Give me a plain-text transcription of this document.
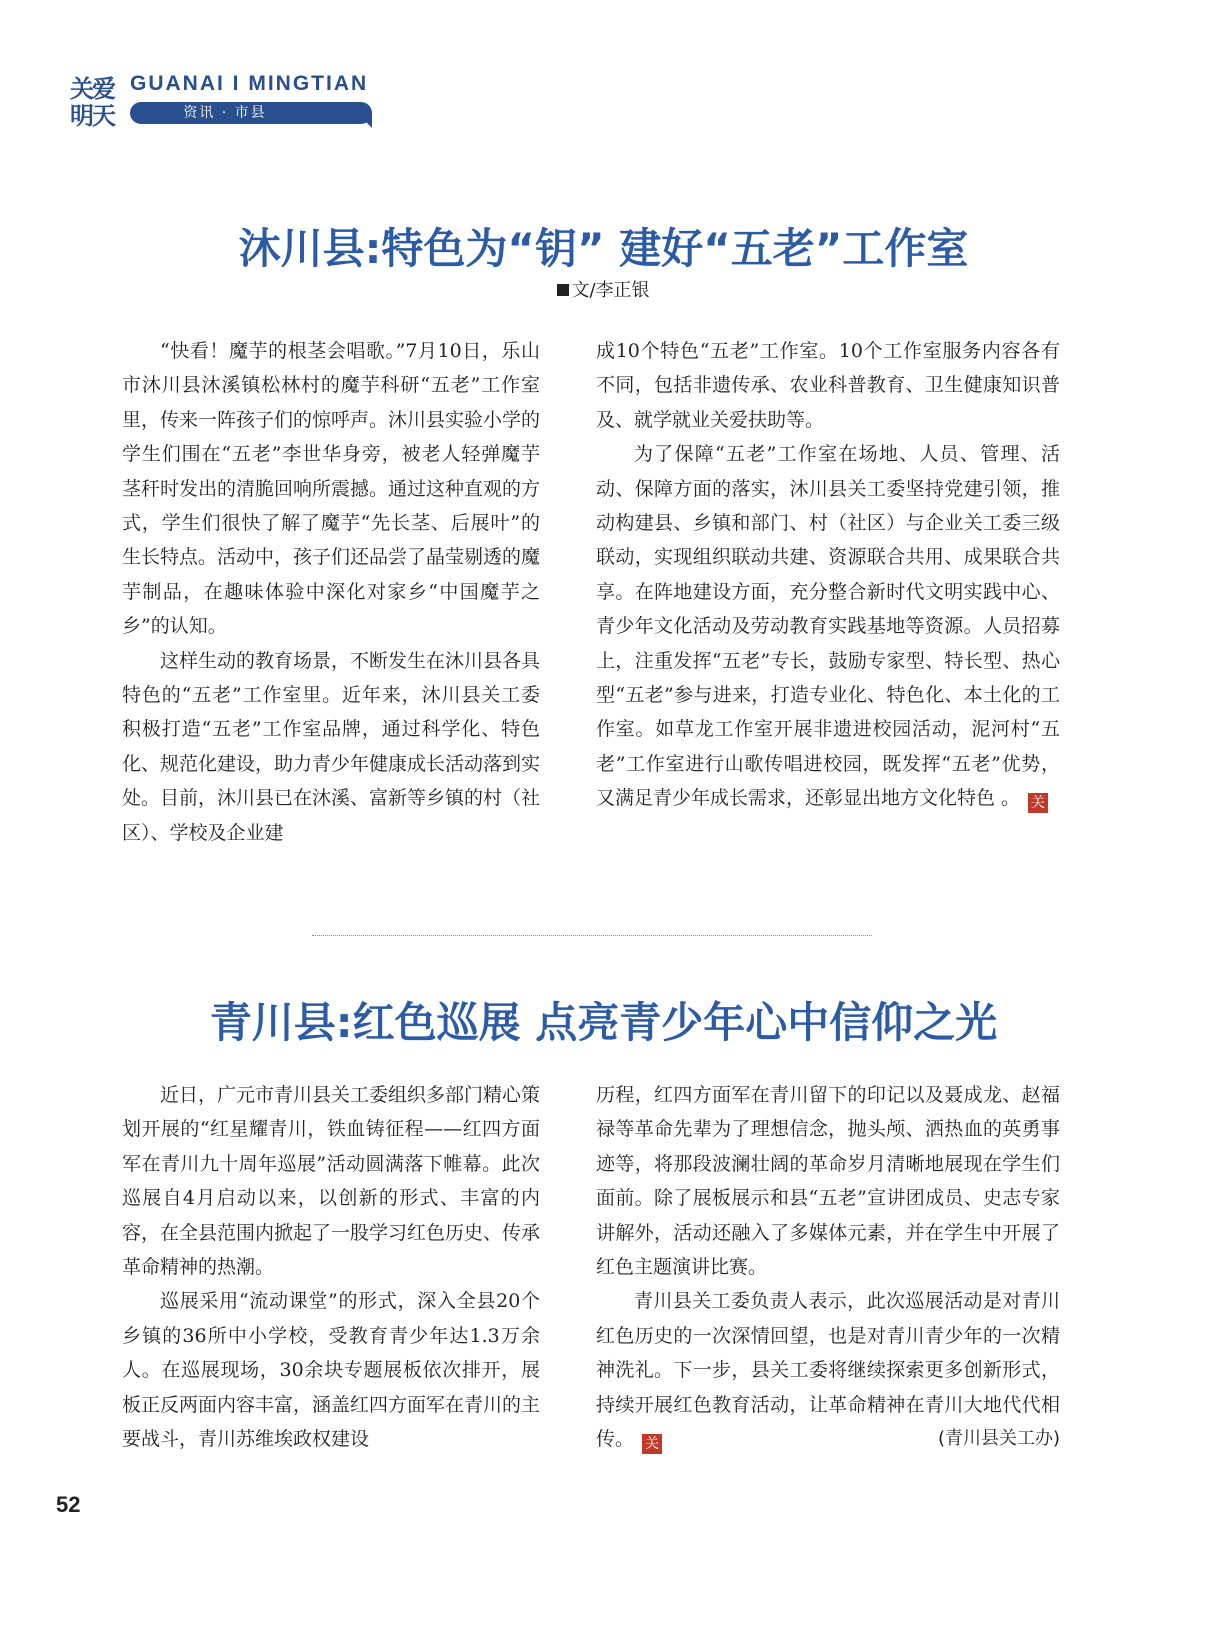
关爱
明天
GUANAI I MINGTIAN
资讯 · 市县
沐川县:特色为“钥” 建好“五老”工作室
文/李正银

“快看！魔芋的根茎会唱歌。”7月10日，乐山市沐川县沐溪镇松林村的魔芋科研“五老”工作室里，传来一阵孩子们的惊呼声。沐川县实验小学的学生们围在“五老”李世华身旁，被老人轻弹魔芋茎秆时发出的清脆回响所震撼。通过这种直观的方式，学生们很快了解了魔芋“先长茎、后展叶”的生长特点。活动中，孩子们还品尝了晶莹剔透的魔芋制品，在趣味体验中深化对家乡“中国魔芋之乡”的认知。

这样生动的教育场景，不断发生在沐川县各具特色的“五老”工作室里。近年来，沐川县关工委积极打造“五老”工作室品牌，通过科学化、特色化、规范化建设，助力青少年健康成长活动落到实处。目前，沐川县已在沐溪、富新等乡镇的村（社区）、学校及企业建

成10个特色“五老”工作室。10个工作室服务内容各有不同，包括非遗传承、农业科普教育、卫生健康知识普及、就学就业关爱扶助等。

为了保障“五老”工作室在场地、人员、管理、活动、保障方面的落实，沐川县关工委坚持党建引领，推动构建县、乡镇和部门、村（社区）与企业关工委三级联动，实现组织联动共建、资源联合共用、成果联合共享。在阵地建设方面，充分整合新时代文明实践中心、青少年文化活动及劳动教育实践基地等资源。人员招募上，注重发挥“五老”专长，鼓励专家型、特长型、热心型“五老”参与进来，打造专业化、特色化、本土化的工作室。如草龙工作室开展非遗进校园活动，泥河村“五老”工作室进行山歌传唱进校园，既发挥“五老”优势，又满足青少年成长需求，还彰显出地方文化特色 。 关

青川县:红色巡展 点亮青少年心中信仰之光

近日，广元市青川县关工委组织多部门精心策划开展的“红星耀青川，铁血铸征程——红四方面军在青川九十周年巡展”活动圆满落下帷幕。此次巡展自4月启动以来，以创新的形式、丰富的内容，在全县范围内掀起了一股学习红色历史、传承革命精神的热潮。

巡展采用“流动课堂”的形式，深入全县20个乡镇的36所中小学校，受教育青少年达1.3万余人。在巡展现场，30余块专题展板依次排开，展板正反两面内容丰富，涵盖红四方面军在青川的主要战斗，青川苏维埃政权建设

历程，红四方面军在青川留下的印记以及聂成龙、赵福禄等革命先辈为了理想信念，抛头颅、洒热血的英勇事迹等，将那段波澜壮阔的革命岁月清晰地展现在学生们面前。除了展板展示和县“五老”宣讲团成员、史志专家讲解外，活动还融入了多媒体元素，并在学生中开展了红色主题演讲比赛。

青川县关工委负责人表示，此次巡展活动是对青川红色历史的一次深情回望，也是对青川青少年的一次精神洗礼。下一步，县关工委将继续探索更多创新形式，持续开展红色教育活动，让革命精神在青川大地代代相传。 关	(青川县关工办)

52
